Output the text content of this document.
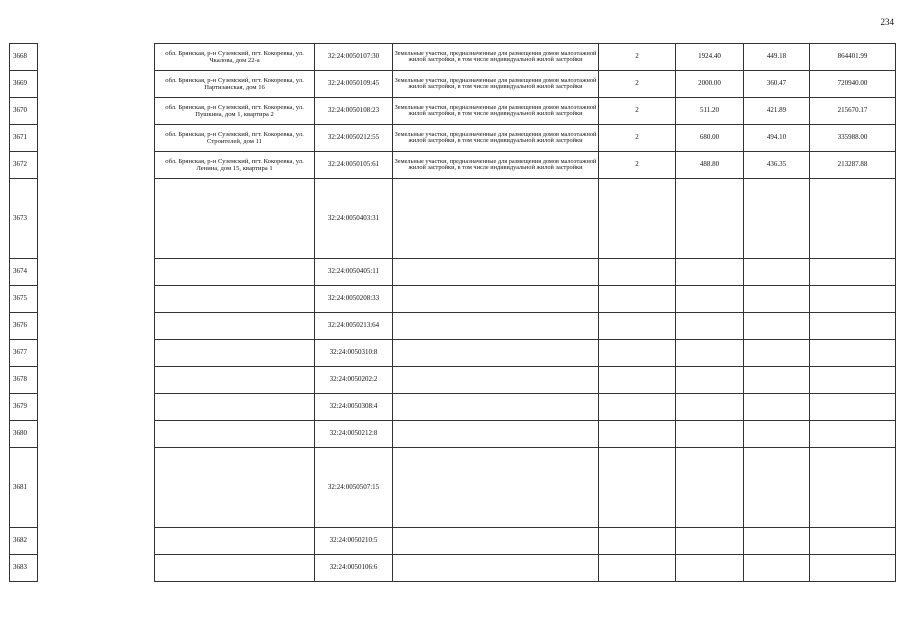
234
3668		обл. Брянская, р-н Суземский, пгт. Кокоревка, ул. Чкалова, дом 22-а	32:24:0050107:30	Земельные участки, предназначенные для размещения домов малоэтажной жилой застройки, в том числе индивидуальной жилой застройки	2	1924.40	449.18	864401.99
3669		обл. Брянская, р-н Суземский, пгт. Кокоревка, ул. Партизанская, дом 16	32:24:0050109:45	Земельные участки, предназначенные для размещения домов малоэтажной жилой застройки, в том числе индивидуальной жилой застройки	2	2000.00	360.47	720940.00
3670		обл. Брянская, р-н Суземский, пгт. Кокоревка, ул. Пушкина, дом 1, квартира 2	32:24:0050108:23	Земельные участки, предназначенные для размещения домов малоэтажной жилой застройки, в том числе индивидуальной жилой застройки	2	511.20	421.89	215670.17
3671		обл. Брянская, р-н Суземский, пгт. Кокоревка, ул. Строителей, дом 11	32:24:0050212:55	Земельные участки, предназначенные для размещения домов малоэтажной жилой застройки, в том числе индивидуальной жилой застройки	2	680.00	494.10	335988.00
3672		обл. Брянская, р-н Суземский, пгт. Кокоревка, ул. Ленина, дом 15, квартира 1	32:24:0050105:61	Земельные участки, предназначенные для размещения домов малоэтажной жилой застройки, в том числе индивидуальной жилой застройки	2	488.80	436.35	213287.88
3673			32:24:0050403:31					
3674			32:24:0050405:11					
3675			32:24:0050208:33					
3676			32:24:0050213:64					
3677			32:24:0050310:8					
3678			32:24:0050202:2					
3679			32:24:0050308:4					
3680			32:24:0050212:8					
3681			32:24:0050507:15					
3682			32:24:0050210:5					
3683			32:24:0050106:6					
